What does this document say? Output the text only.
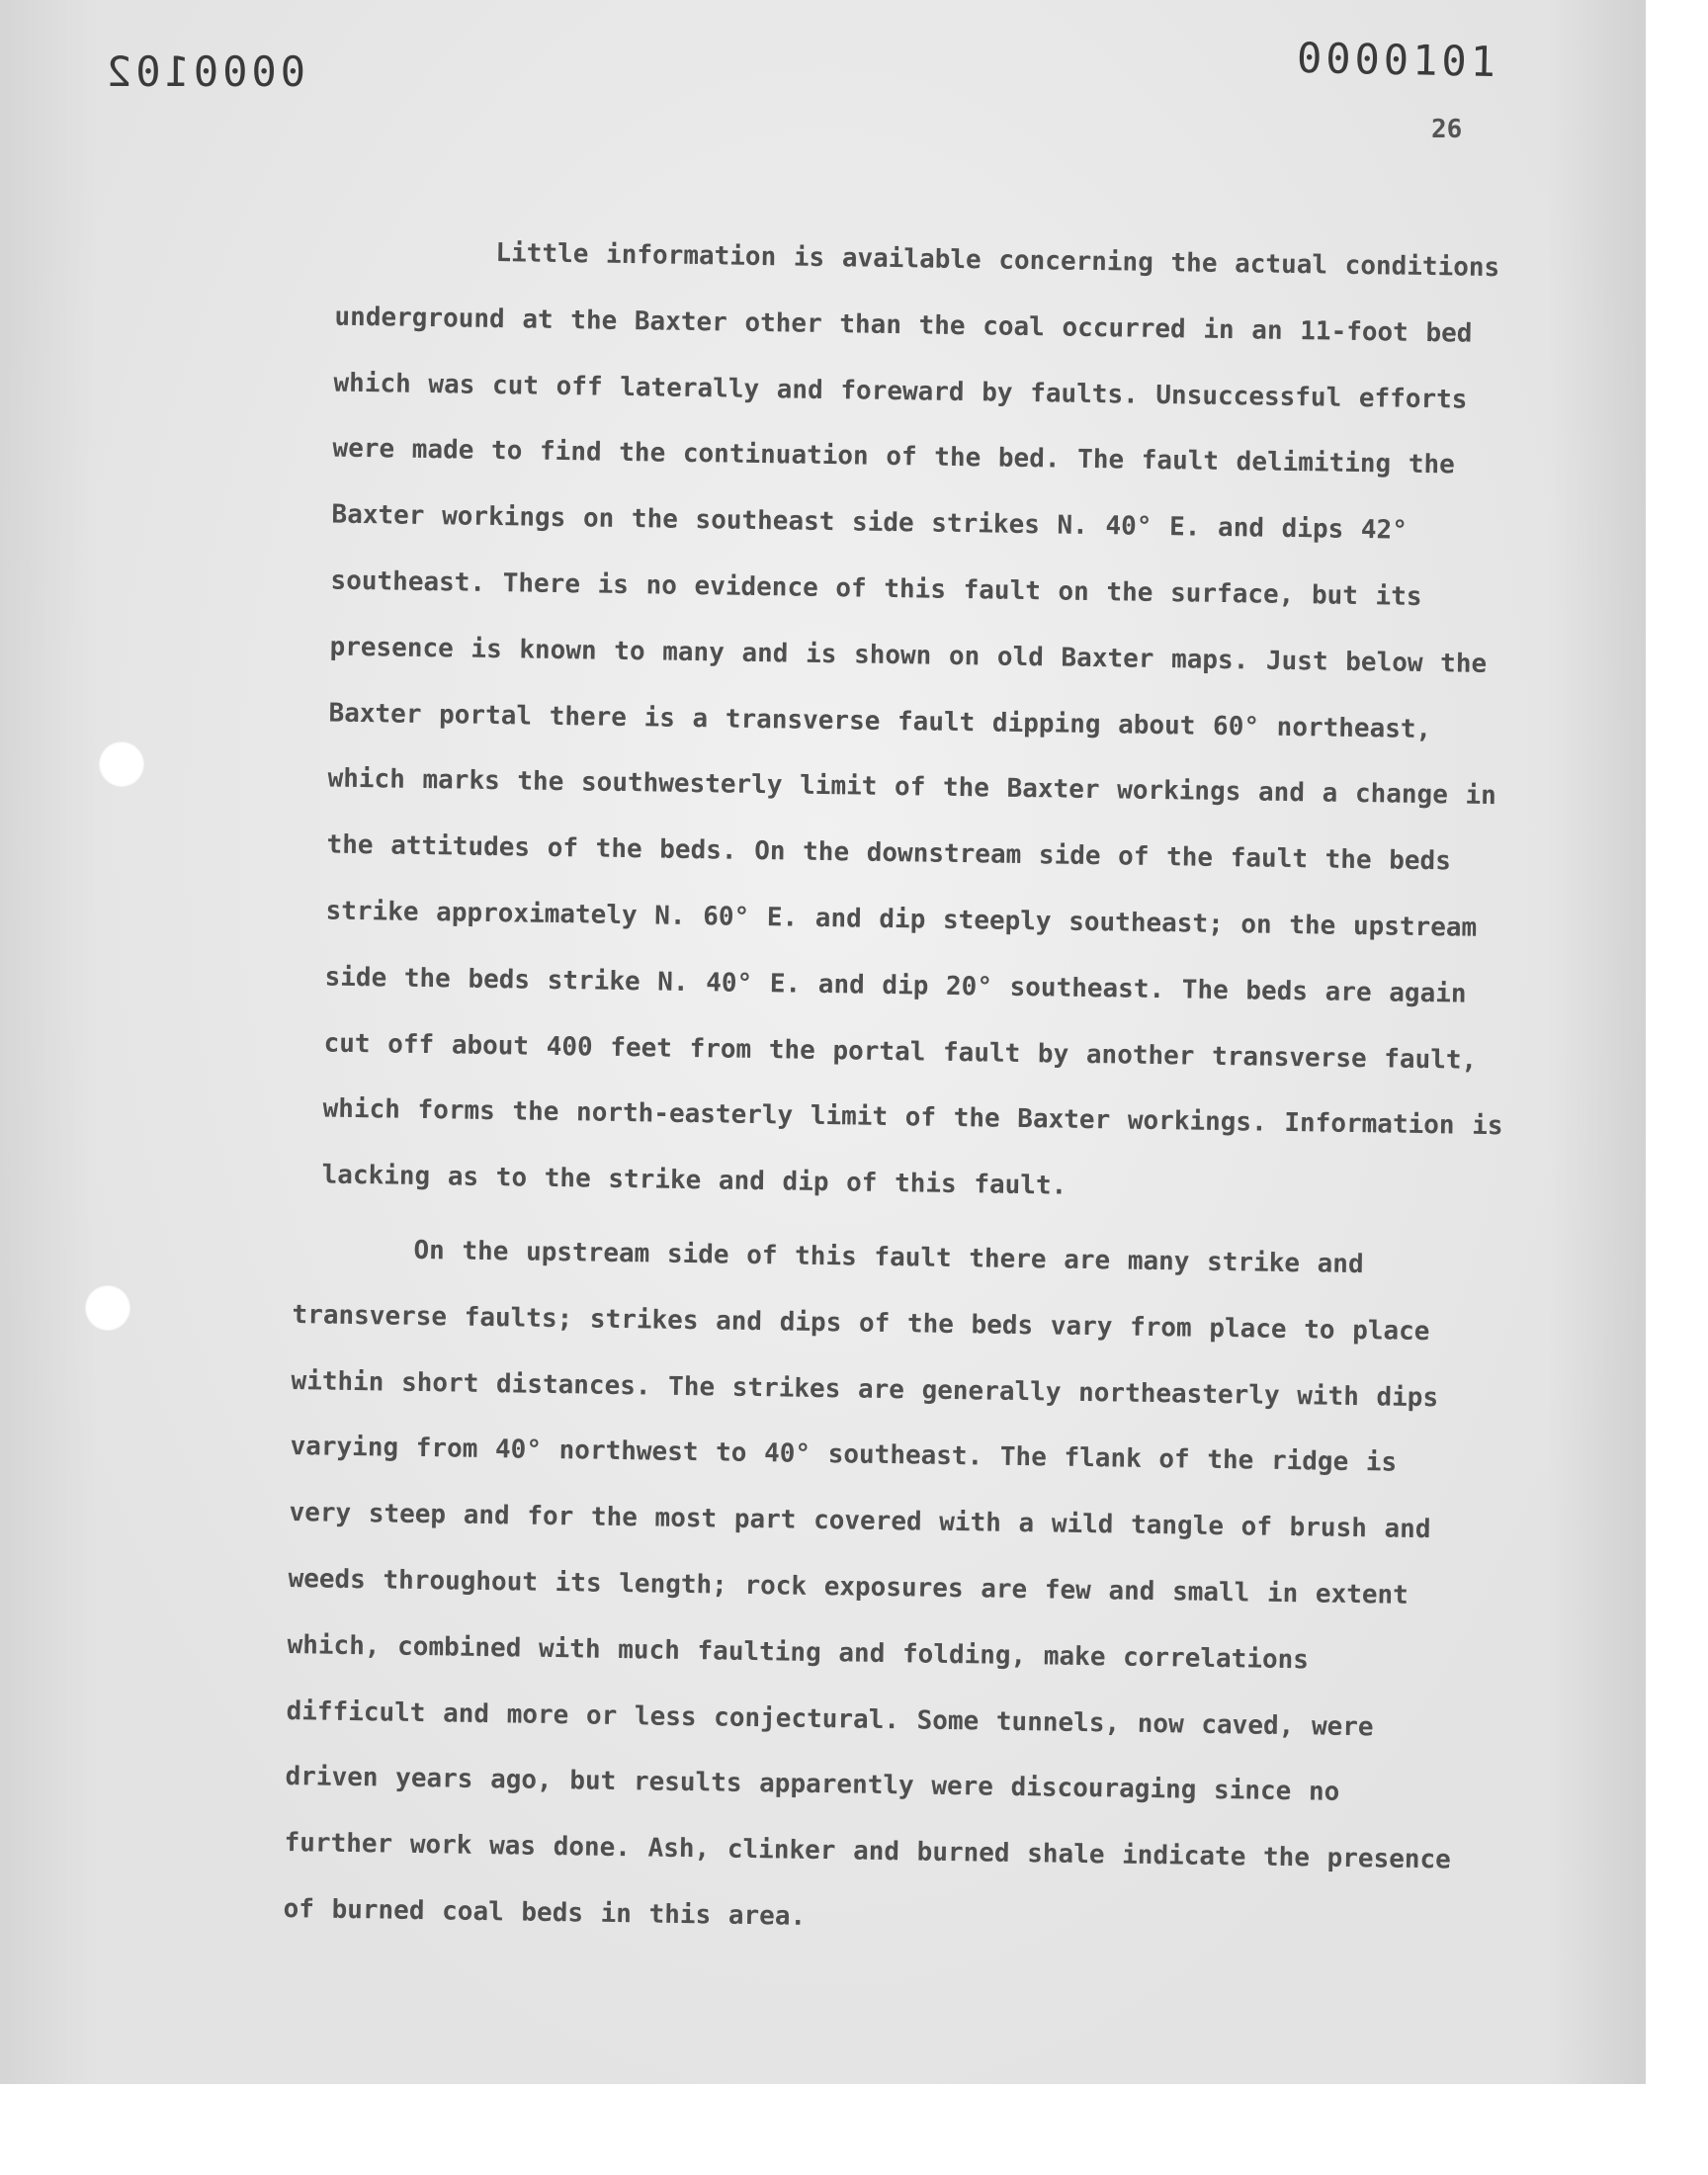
0000102	0000101
26

Little information is available concerning the actual conditions underground at the Baxter other than the coal occurred in an 11-foot bed which was cut off laterally and foreward by faults. Unsuccessful efforts were made to find the continuation of the bed. The fault delimiting the Baxter workings on the southeast side strikes N. 40° E. and dips 42° southeast. There is no evidence of this fault on the surface, but its presence is known to many and is shown on old Baxter maps. Just below the Baxter portal there is a transverse fault dipping about 60° northeast, which marks the southwesterly limit of the Baxter workings and a change in the attitudes of the beds. On the downstream side of the fault the beds strike approximately N. 60° E. and dip steeply southeast; on the upstream side the beds strike N. 40° E. and dip 20° southeast. The beds are again cut off about 400 feet from the portal fault by another transverse fault, which forms the north-easterly limit of the Baxter workings. Information is lacking as to the strike and dip of this fault.

On the upstream side of this fault there are many strike and transverse faults; strikes and dips of the beds vary from place to place within short distances. The strikes are generally northeasterly with dips varying from 40° northwest to 40° southeast. The flank of the ridge is very steep and for the most part covered with a wild tangle of brush and weeds throughout its length; rock exposures are few and small in extent which, combined with much faulting and folding, make correlations difficult and more or less conjectural. Some tunnels, now caved, were driven years ago, but results apparently were discouraging since no further work was done. Ash, clinker and burned shale indicate the presence of burned coal beds in this area.
